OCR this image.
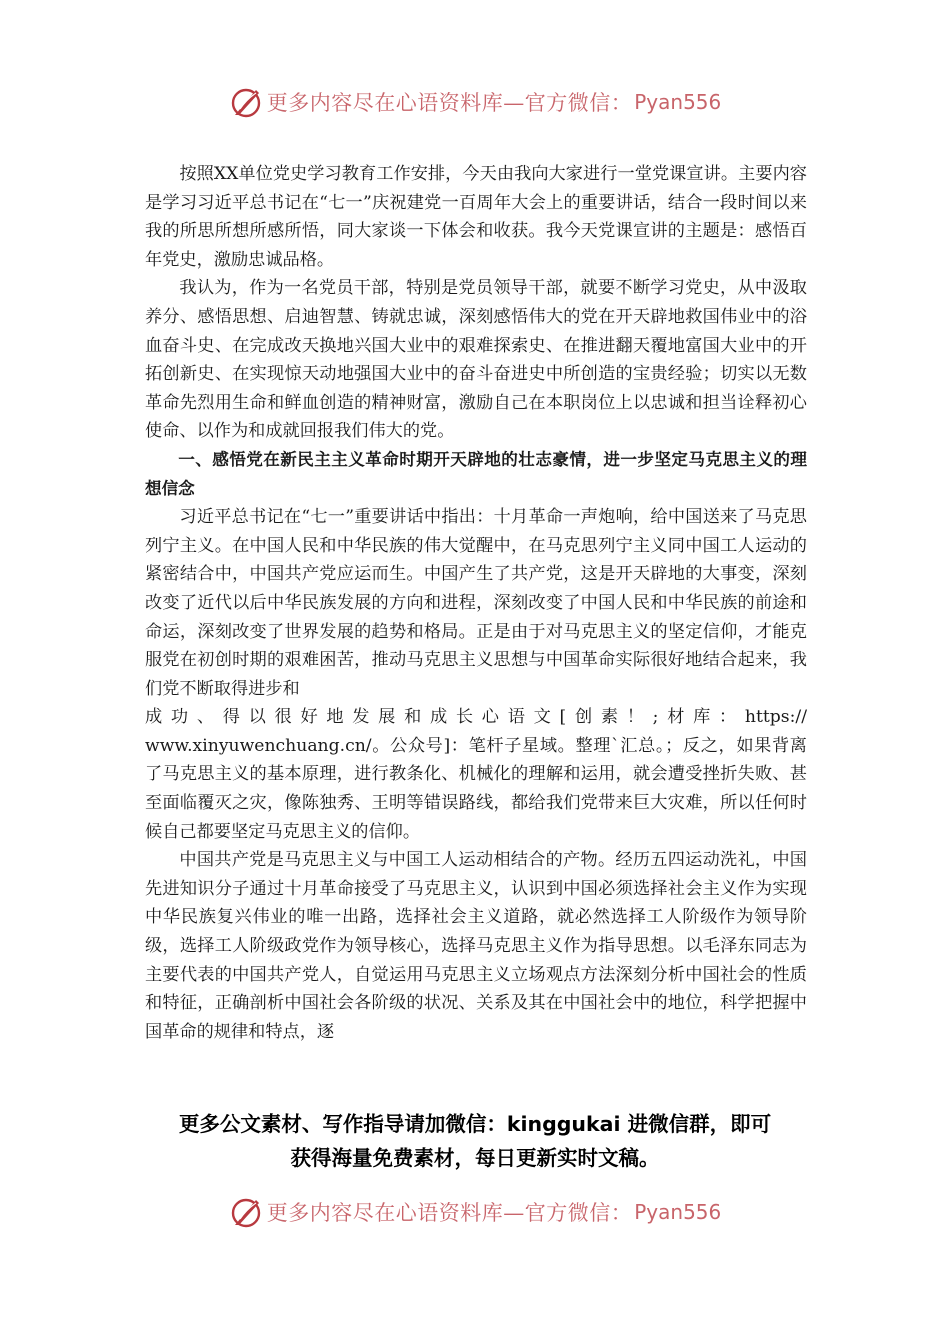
更多内容尽在心语资料库—官方微信： Pyan556

按照XX单位党史学习教育工作安排，今天由我向大家进行一堂党课宣讲。主要内容是学习习近平总书记在“七一”庆祝建党一百周年大会上的重要讲话，结合一段时间以来我的所思所想所感所悟，同大家谈一下体会和收获。我今天党课宣讲的主题是：感悟百年党史，激励忠诚品格。

我认为，作为一名党员干部，特别是党员领导干部，就要不断学习党史，从中汲取养分、感悟思想、启迪智慧、铸就忠诚，深刻感悟伟大的党在开天辟地救国伟业中的浴血奋斗史、在完成改天换地兴国大业中的艰难探索史、在推进翻天覆地富国大业中的开拓创新史、在实现惊天动地强国大业中的奋斗奋进史中所创造的宝贵经验；切实以无数革命先烈用生命和鲜血创造的精神财富，激励自己在本职岗位上以忠诚和担当诠释初心使命、以作为和成就回报我们伟大的党。

一、感悟党在新民主主义革命时期开天辟地的壮志豪情，进一步坚定马克思主义的理想信念

习近平总书记在“七一”重要讲话中指出：十月革命一声炮响，给中国送来了马克思列宁主义。在中国人民和中华民族的伟大觉醒中，在马克思列宁主义同中国工人运动的紧密结合中，中国共产党应运而生。中国产生了共产党，这是开天辟地的大事变，深刻改变了近代以后中华民族发展的方向和进程，深刻改变了中国人民和中华民族的前途和命运，深刻改变了世界发展的趋势和格局。正是由于对马克思主义的坚定信仰，才能克服党在初创时期的艰难困苦，推动马克思主义思想与中国革命实际很好地结合起来，我们党不断取得进步和

成功、得以很好地发展和成长心语文[创素！;材库：https://

www.xinyuwenchuang.cn/。公众号]：笔杆子星域。整理`汇总。；反之，如果背离了马克思主义的基本原理，进行教条化、机械化的理解和运用，就会遭受挫折失败、甚至面临覆灭之灾，像陈独秀、王明等错误路线，都给我们党带来巨大灾难，所以任何时候自己都要坚定马克思主义的信仰。

中国共产党是马克思主义与中国工人运动相结合的产物。经历五四运动洗礼，中国先进知识分子通过十月革命接受了马克思主义，认识到中国必须选择社会主义作为实现中华民族复兴伟业的唯一出路，选择社会主义道路，就必然选择工人阶级作为领导阶级，选择工人阶级政党作为领导核心，选择马克思主义作为指导思想。以毛泽东同志为主要代表的中国共产党人，自觉运用马克思主义立场观点方法深刻分析中国社会的性质和特征，正确剖析中国社会各阶级的状况、关系及其在中国社会中的地位，科学把握中国革命的规律和特点，逐

更多公文素材、写作指导请加微信：kinggukai 进微信群，即可
获得海量免费素材，每日更新实时文稿。
更多内容尽在心语资料库—官方微信： Pyan556
